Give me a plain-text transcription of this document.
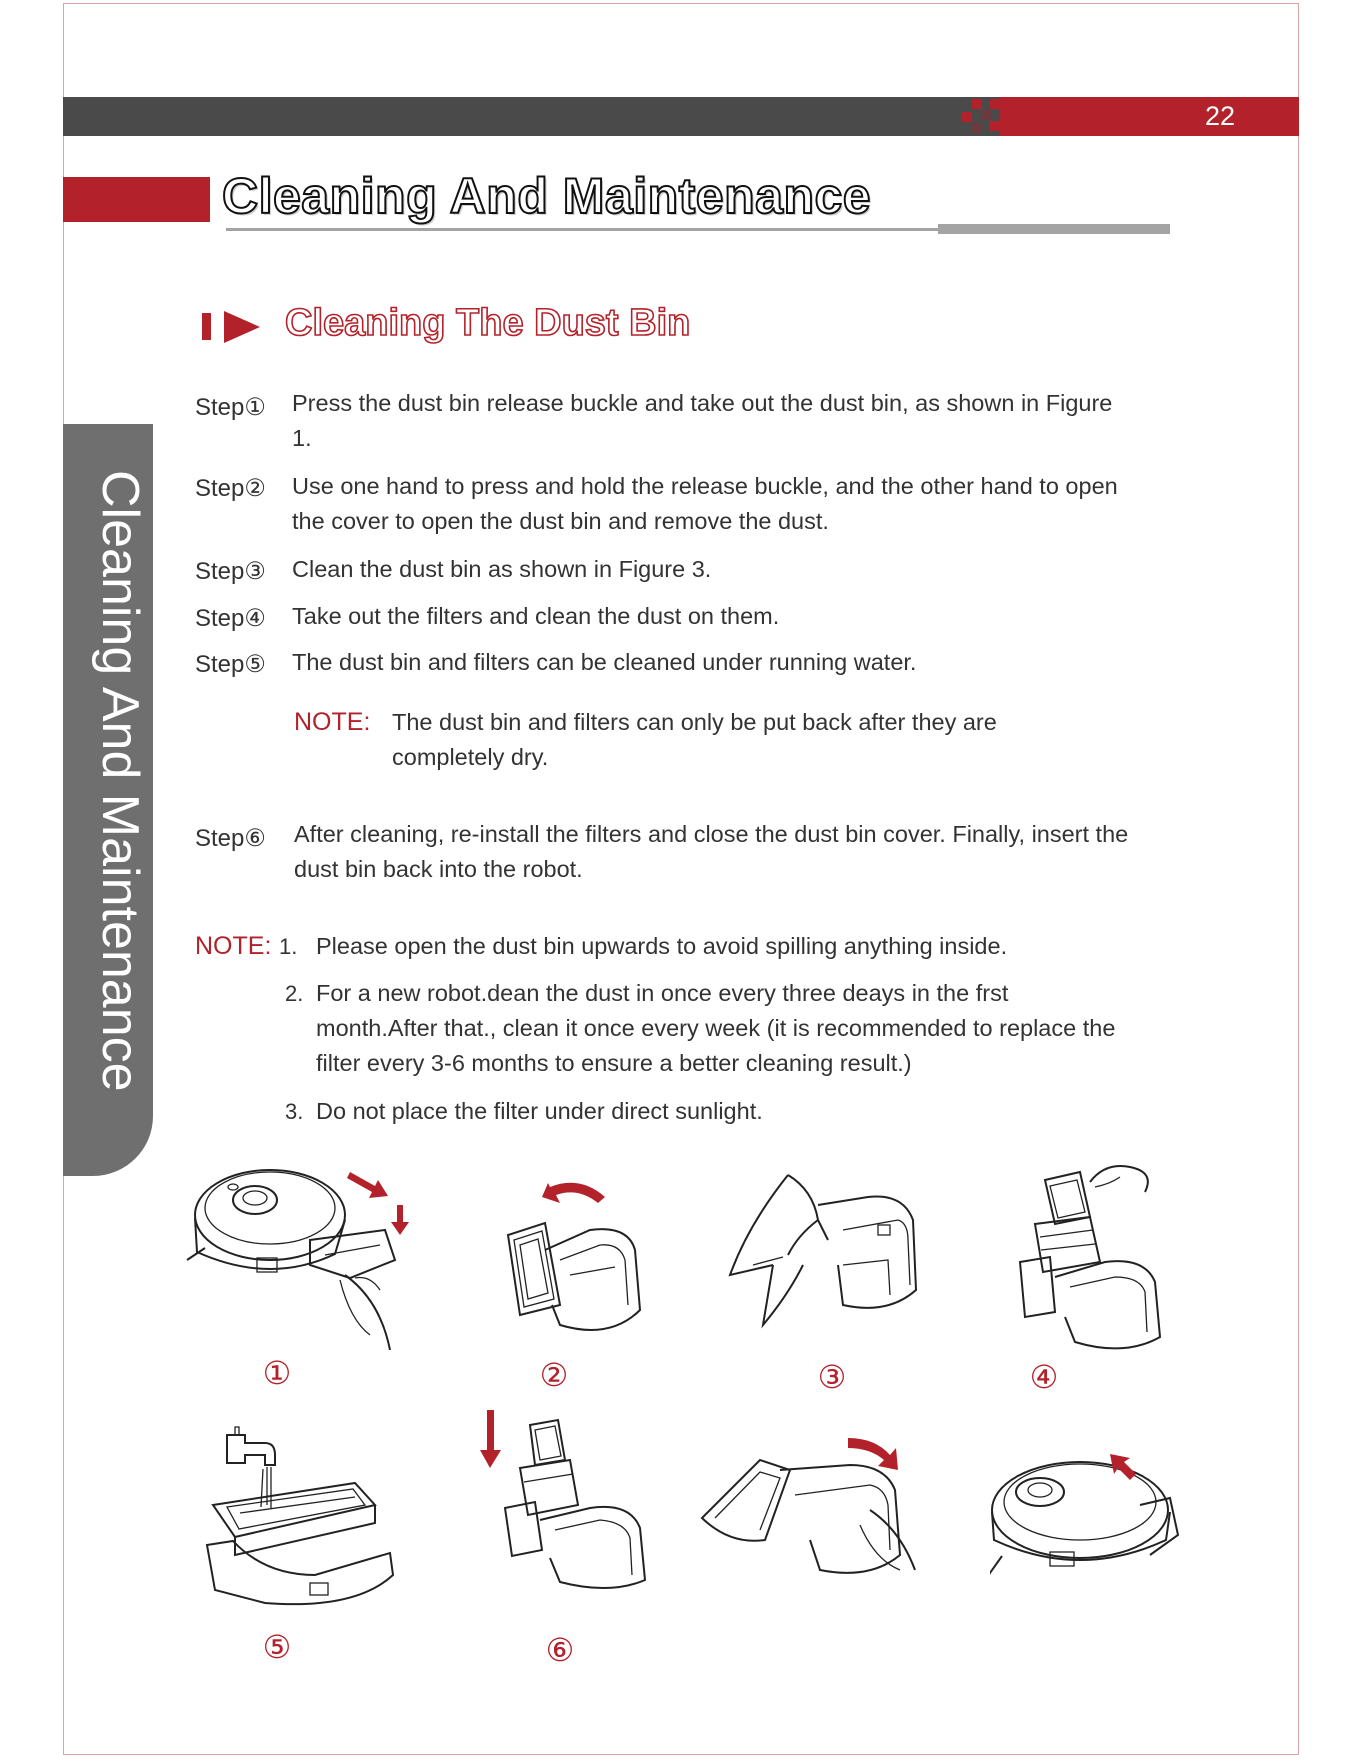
22
Cleaning And Maintenance
Cleaning And Maintenance
Cleaning The Dust Bin
Step① Press the dust bin release buckle and take out the dust bin, as shown in Figure 1.
Step② Use one hand to press and hold the release buckle, and the other hand to open the cover to open the dust bin and remove the dust.
Step③ Clean the dust bin as shown in Figure 3.
Step④ Take out the filters and clean the dust on them.
Step⑤ The dust bin and filters can be cleaned under running water.
NOTE: The dust bin and filters can only be put back after they are completely dry.
Step⑥ After cleaning, re-install the filters and close the dust bin cover. Finally, insert the dust bin back into the robot.
NOTE: 1. Please open the dust bin upwards to avoid spilling anything inside.
2. For a new robot.dean the dust in once every three deays in the frst month.After that., clean it once every week (it is recommended to replace the filter every 3-6 months to ensure a better cleaning result.)
3. Do not place the filter under direct sunlight.
①	②	③	④
⑤	⑥
